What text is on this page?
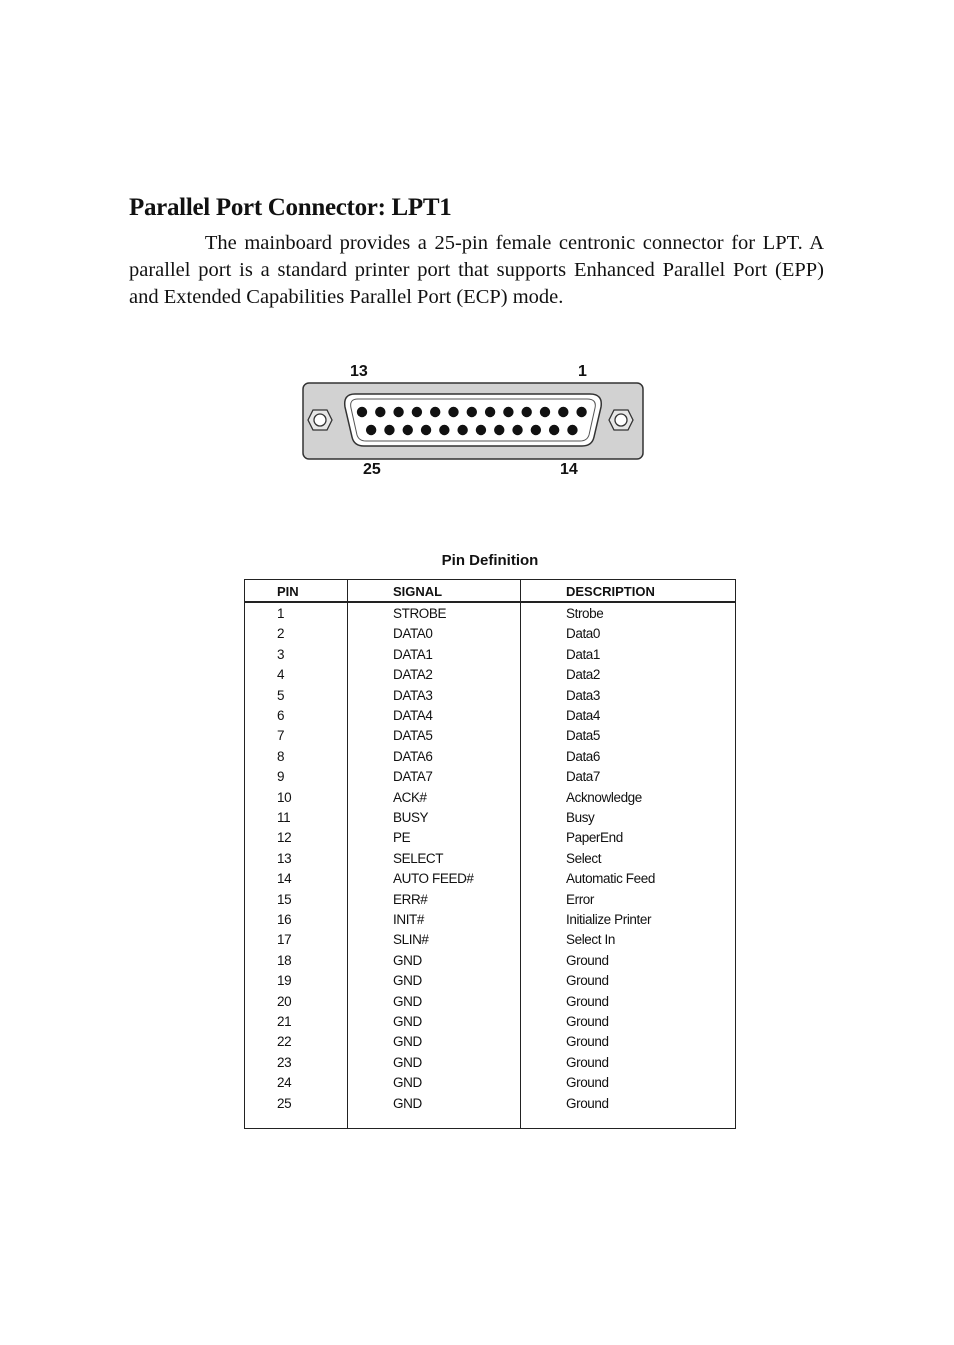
Parallel Port Connector: LPT1

The mainboard provides a 25-pin female centronic connector for LPT. A parallel port is a standard printer port that supports Enhanced Parallel Port (EPP) and Extended Capabilities Parallel Port (ECP) mode.

13	1
25	14
Pin Definition
PIN	SIGNAL	DESCRIPTION
1	STROBE	Strobe
2	DATA0	Data0
3	DATA1	Data1
4	DATA2	Data2
5	DATA3	Data3
6	DATA4	Data4
7	DATA5	Data5
8	DATA6	Data6
9	DATA7	Data7
10	ACK#	Acknowledge
11	BUSY	Busy
12	PE	PaperEnd
13	SELECT	Select
14	AUTO FEED#	Automatic Feed
15	ERR#	Error
16	INIT#	Initialize Printer
17	SLIN#	Select In
18	GND	Ground
19	GND	Ground
20	GND	Ground
21	GND	Ground
22	GND	Ground
23	GND	Ground
24	GND	Ground
25	GND	Ground
